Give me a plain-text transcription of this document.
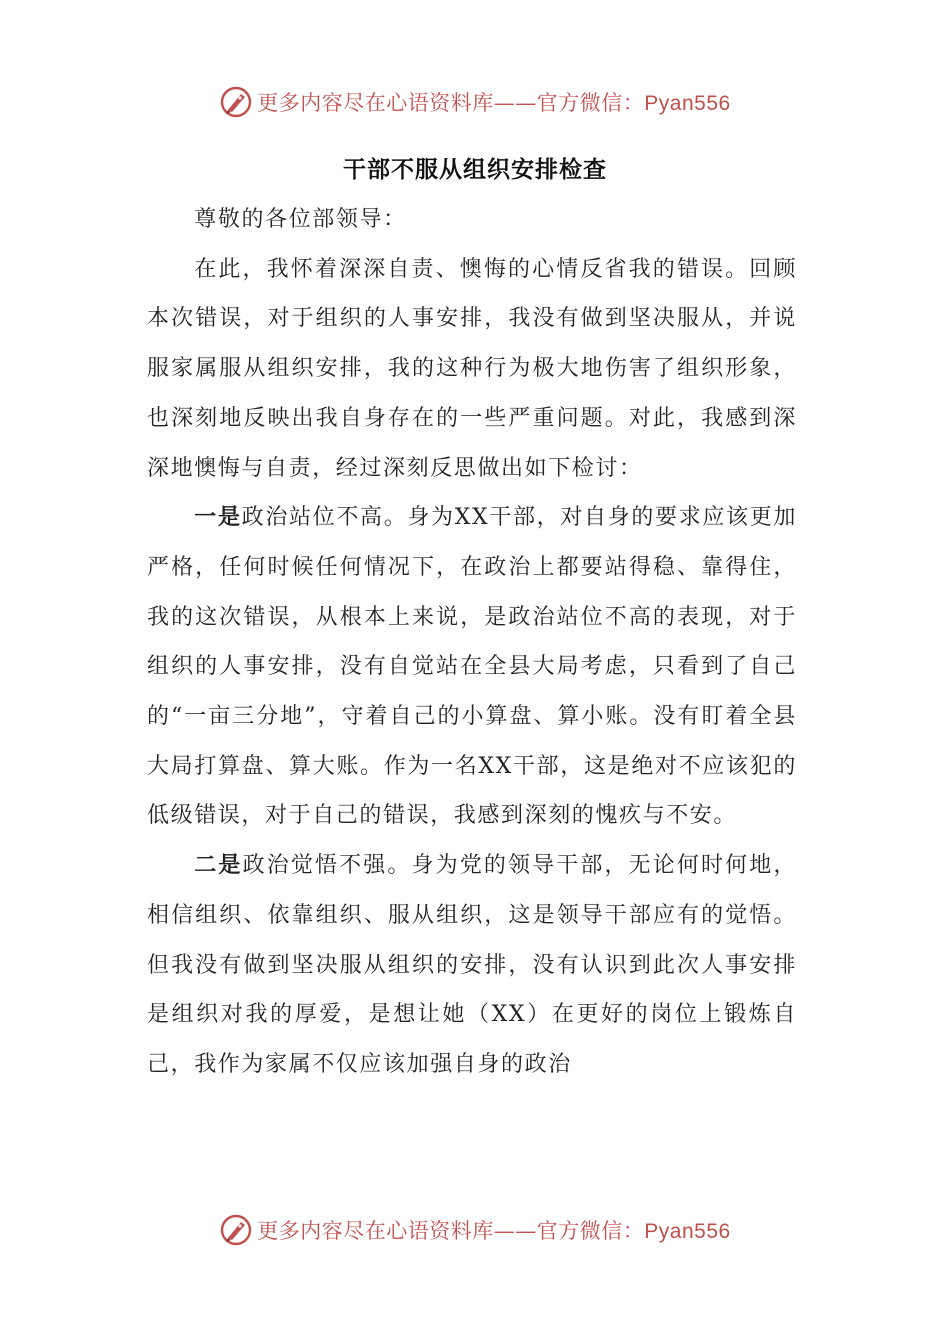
更多内容尽在心语资料库——官方微信：Pyan556
干部不服从组织安排检查

尊敬的各位部领导：

在此，我怀着深深自责、懊悔的心情反省我的错误。回顾本次错误，对于组织的人事安排，我没有做到坚决服从，并说服家属服从组织安排，我的这种行为极大地伤害了组织形象，也深刻地反映出我自身存在的一些严重问题。对此，我感到深深地懊悔与自责，经过深刻反思做出如下检讨：

一是政治站位不高。身为XX干部，对自身的要求应该更加严格，任何时候任何情况下，在政治上都要站得稳、靠得住，我的这次错误，从根本上来说，是政治站位不高的表现，对于组织的人事安排，没有自觉站在全县大局考虑，只看到了自己的“一亩三分地”，守着自己的小算盘、算小账。没有盯着全县大局打算盘、算大账。作为一名XX干部，这是绝对不应该犯的低级错误，对于自己的错误，我感到深刻的愧疚与不安。

二是政治觉悟不强。身为党的领导干部，无论何时何地，相信组织、依靠组织、服从组织，这是领导干部应有的觉悟。但我没有做到坚决服从组织的安排，没有认识到此次人事安排是组织对我的厚爱，是想让她（XX）在更好的岗位上锻炼自己，我作为家属不仅应该加强自身的政治

更多内容尽在心语资料库——官方微信：Pyan556
